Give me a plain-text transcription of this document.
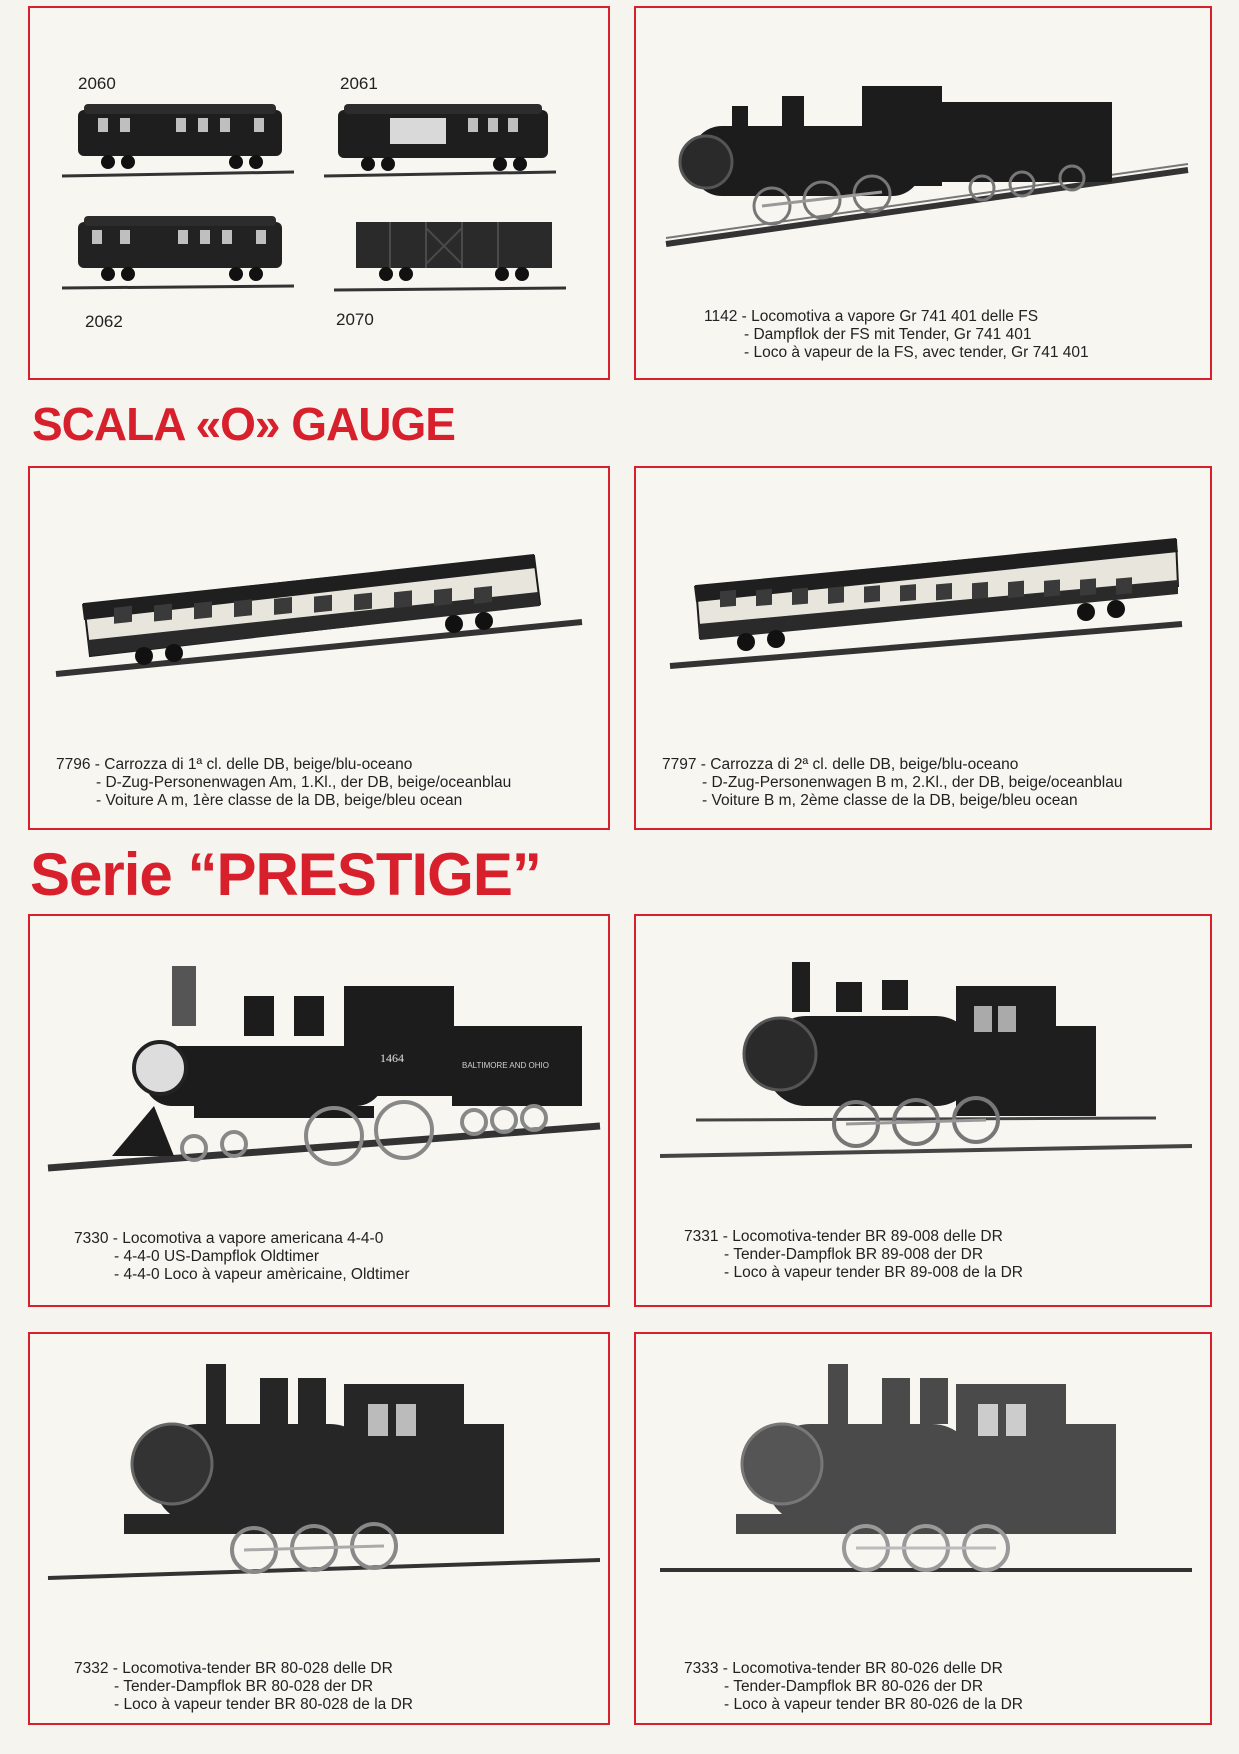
2060	2061
2062	2070	1142 - Locomotiva a vapore Gr 741 401 delle FS
- Dampflok der FS mit Tender, Gr 741 401
- Loco à vapeur de la FS, avec tender, Gr 741 401
SCALA «O» GAUGE
7796 - Carrozza di 1ª cl. delle DB, beige/blu-oceano
- D-Zug-Personenwagen Am, 1.Kl., der DB, beige/oceanblau
- Voiture A m, 1ère classe de la DB, beige/bleu ocean
7797 - Carrozza di 2ª cl. delle DB, beige/blu-oceano
- D-Zug-Personenwagen B m, 2.Kl., der DB, beige/oceanblau
- Voiture B m, 2ème classe de la DB, beige/bleu ocean
Serie “PRESTIGE”
1464
BALTIMORE AND OHIO
7330 - Locomotiva a vapore americana 4-4-0
- 4-4-0 US-Dampflok Oldtimer
- 4-4-0 Loco à vapeur amèricaine, Oldtimer
7331 - Locomotiva-tender BR 89-008 delle DR
- Tender-Dampflok BR 89-008 der DR
- Loco à vapeur tender BR 89-008 de la DR
7332 - Locomotiva-tender BR 80-028 delle DR
- Tender-Dampflok BR 80-028 der DR
- Loco à vapeur tender BR 80-028 de la DR
7333 - Locomotiva-tender BR 80-026 delle DR
- Tender-Dampflok BR 80-026 der DR
- Loco à vapeur tender BR 80-026 de la DR
